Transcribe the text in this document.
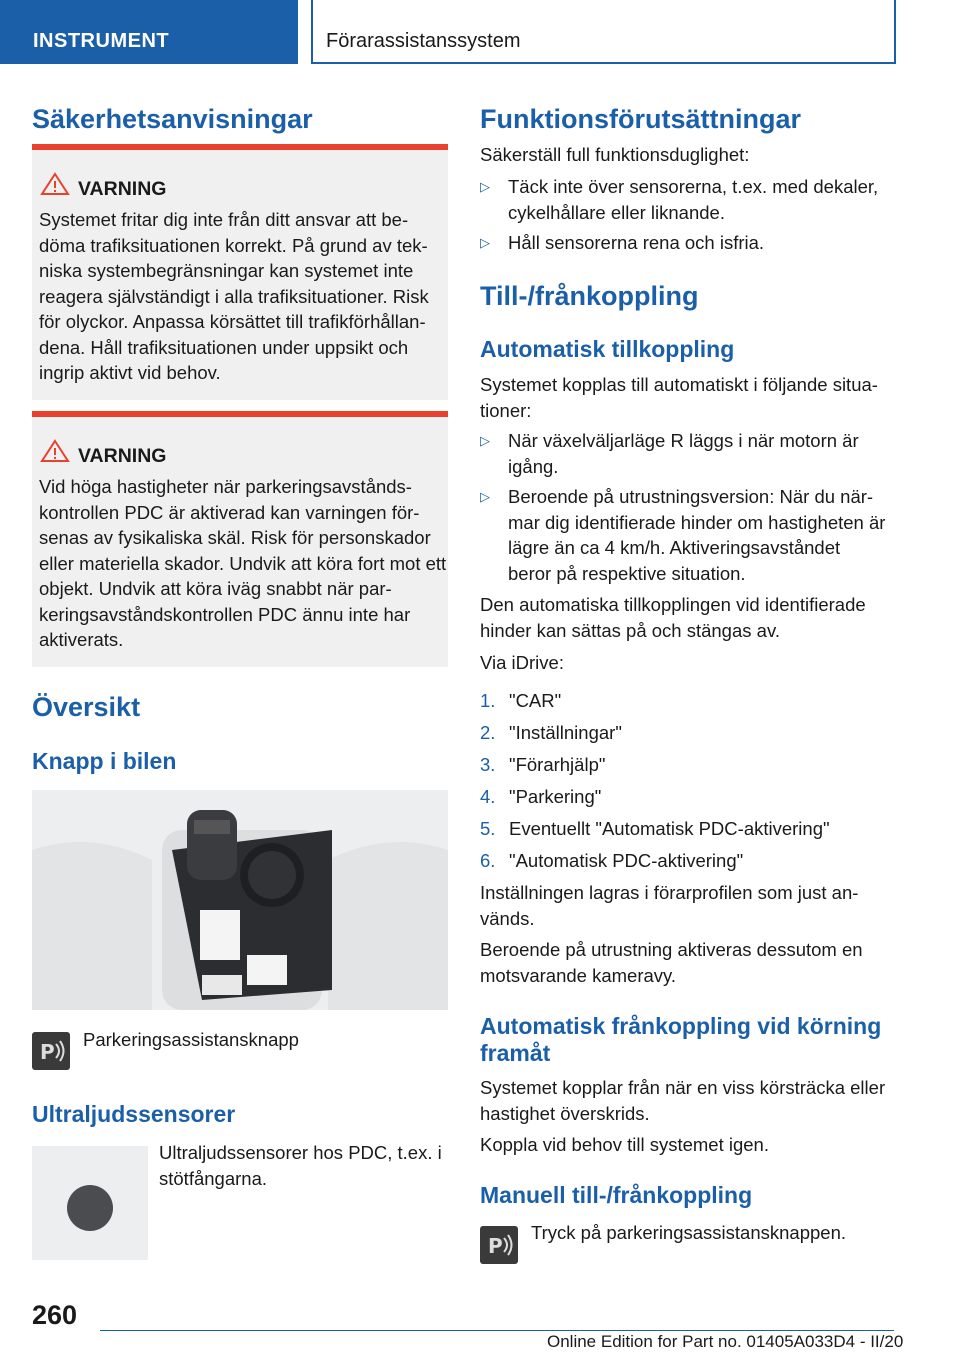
INSTRUMENT	Förarassistanssystem
Säkerhetsanvisningar
VARNING
Systemet fritar dig inte från ditt ansvar att be-döma trafiksituationen korrekt. På grund av tek-niska systembegränsningar kan systemet inte reagera självständigt i alla trafiksituationer. Risk för olyckor. Anpassa körsättet till trafikförhållan-dena. Håll trafiksituationen under uppsikt och ingrip aktivt vid behov.
VARNING
Vid höga hastigheter när parkeringsavstånds-kontrollen PDC är aktiverad kan varningen för-senas av fysikaliska skäl. Risk för personskador eller materiella skador. Undvik att köra fort mot ett objekt. Undvik att köra iväg snabbt när par-keringsavståndskontrollen PDC ännu inte har aktiverats.
Översikt
Knapp i bilen
P
Parkeringsassistansknapp
Ultraljudssensorer
Ultraljudssensorer hos PDC, t.ex. i stötfångarna.
Funktionsförutsättningar
Säkerställ full funktionsduglighet:
▷ Täck inte över sensorerna, t.ex. med dekaler, cykelhållare eller liknande.
▷ Håll sensorerna rena och isfria.
Till-/frånkoppling
Automatisk tillkoppling
Systemet kopplas till automatiskt i följande situa-tioner:
▷ När växelväljarläge R läggs i när motorn är igång.
▷ Beroende på utrustningsversion: När du när-mar dig identifierade hinder om hastigheten är lägre än ca 4 km/h. Aktiveringsavståndet beror på respektive situation.
Den automatiska tillkopplingen vid identifierade hinder kan sättas på och stängas av.
Via iDrive:
1. "CAR"
2. "Inställningar"
3. "Förarhjälp"
4. "Parkering"
5. Eventuellt "Automatisk PDC-aktivering"
6. "Automatisk PDC-aktivering"
Inställningen lagras i förarprofilen som just an-vänds.
Beroende på utrustning aktiveras dessutom en motsvarande kameravy.
Automatisk frånkoppling vid körning framåt
Systemet kopplar från när en viss körsträcka eller hastighet överskrids.
Koppla vid behov till systemet igen.
Manuell till-/frånkoppling
P
Tryck på parkeringsassistansknappen.
260
Online Edition for Part no. 01405A033D4 - II/20
